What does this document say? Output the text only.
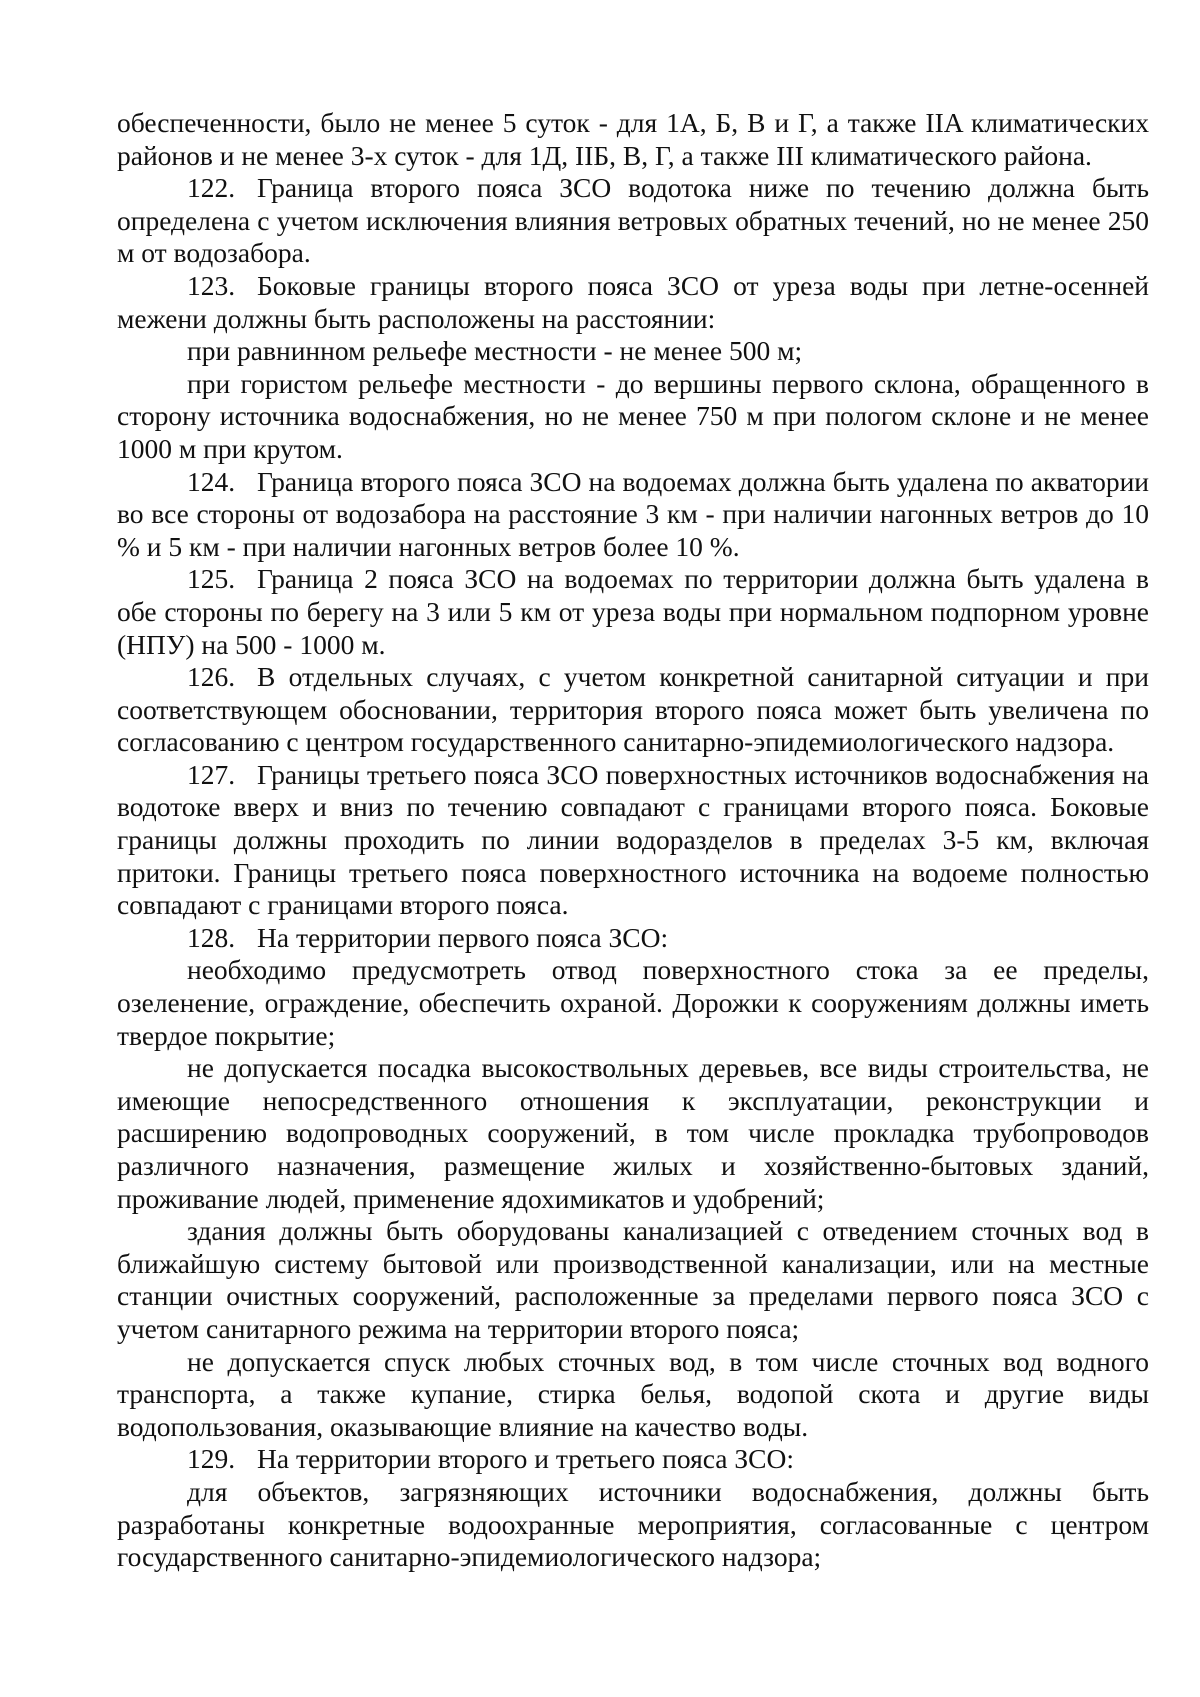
обеспеченности, было не менее 5 суток - для 1А, Б, В и Г, а также IIA климатических районов и не менее 3-х суток - для 1Д, IIБ, В, Г, а также III климатического района.

122. Граница второго пояса ЗСО водотока ниже по течению должна быть определена с учетом исключения влияния ветровых обратных течений, но не менее 250 м от водозабора.

123. Боковые границы второго пояса ЗСО от уреза воды при летне-осенней межени должны быть расположены на расстоянии:

при равнинном рельефе местности - не менее 500 м;

при гористом рельефе местности - до вершины первого склона, обращенного в сторону источника водоснабжения, но не менее 750 м при пологом склоне и не менее 1000 м при крутом.

124. Граница второго пояса ЗСО на водоемах должна быть удалена по акватории во все стороны от водозабора на расстояние 3 км - при наличии нагонных ветров до 10 % и 5 км - при наличии нагонных ветров более 10 %.

125. Граница 2 пояса ЗСО на водоемах по территории должна быть удалена в обе стороны по берегу на 3 или 5 км от уреза воды при нормальном подпорном уровне (НПУ) на 500 - 1000 м.

126. В отдельных случаях, с учетом конкретной санитарной ситуации и при соответствующем обосновании, территория второго пояса может быть увеличена по согласованию с центром государственного санитарно-эпидемиологического надзора.

127. Границы третьего пояса ЗСО поверхностных источников водоснабжения на водотоке вверх и вниз по течению совпадают с границами второго пояса. Боковые границы должны проходить по линии водоразделов в пределах 3-5 км, включая притоки. Границы третьего пояса поверхностного источника на водоеме полностью совпадают с границами второго пояса.

128. На территории первого пояса ЗСО:

необходимо предусмотреть отвод поверхностного стока за ее пределы, озеленение, ограждение, обеспечить охраной. Дорожки к сооружениям должны иметь твердое покрытие;

не допускается посадка высокоствольных деревьев, все виды строительства, не имеющие непосредственного отношения к эксплуатации, реконструкции и расширению водопроводных сооружений, в том числе прокладка трубопроводов различного назначения, размещение жилых и хозяйственно-бытовых зданий, проживание людей, применение ядохимикатов и удобрений;

здания должны быть оборудованы канализацией с отведением сточных вод в ближайшую систему бытовой или производственной канализации, или на местные станции очистных сооружений, расположенные за пределами первого пояса ЗСО с учетом санитарного режима на территории второго пояса;

не допускается спуск любых сточных вод, в том числе сточных вод водного транспорта, а также купание, стирка белья, водопой скота и другие виды водопользования, оказывающие влияние на качество воды.

129. На территории второго и третьего пояса ЗСО:

для объектов, загрязняющих источники водоснабжения, должны быть разработаны конкретные водоохранные мероприятия, согласованные с центром государственного санитарно-эпидемиологического надзора;
